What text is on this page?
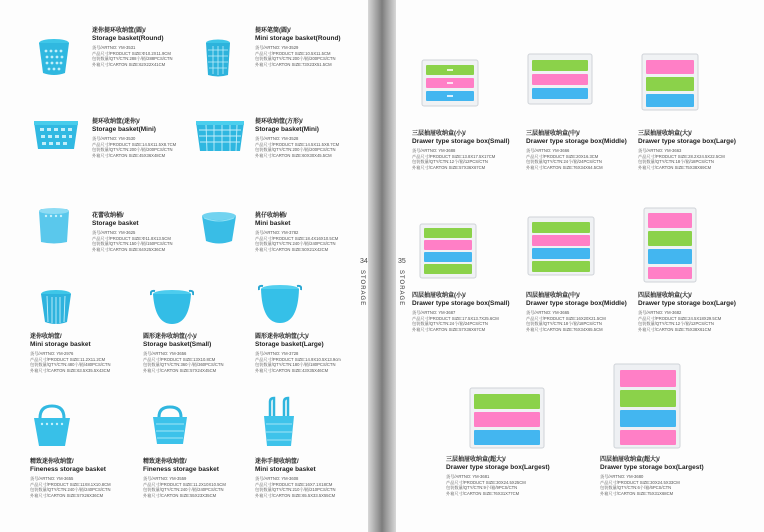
迷你提环收纳筐(圆)/
Storage basket(Round)
货号/ARTNO: YM-3531
产品尺寸/PRODUCT SIZE:Φ10.2X11.9CM
包装数量/QTY/CTN:288个/箱/288PCS/CTN
外箱尺寸/CARTON SIZE:62X22X41CM
提环笔筒(圆)/
Mini storage basket(Round)
货号/ARTNO: YM-3529
产品尺寸/PRODUCT SIZE:10.5X11.5CM
包装数量/QTY/CTN:200个/箱/200PCS/CTN
外箱尺寸/CARTON SIZE:73X23X51.5CM
提环收纳筐(迷你)/
Storage basket(Mini)
货号/ARTNO: YM-3530
产品尺寸/PRODUCT SIZE:14.5X11.5X8.7CM
包装数量/QTY/CTN:200个/箱/200PCS/CTN
外箱尺寸/CARTON SIZE:45X36X48CM
提环收纳筐(方形)/
Storage basket(Mini)
货号/ARTNO: YM-3528
产品尺寸/PRODUCT SIZE:14.5X11.5X8.7CM
包装数量/QTY/CTN:200个/箱/200PCS/CTN
外箱尺寸/CARTON SIZE:60X30X45.5CM
花蕾收纳桶/
Storage basket
货号/ARTNO: YM-3625
产品尺寸/PRODUCT SIZE:Φ11.8X13.5CM
包装数量/QTY/CTN:150个/箱/150PCS/CTN
外箱尺寸/CARTON SIZE:64X25X36CM
挑仔收纳桶/
Mini basket
货号/ARTNO: YM-3782
产品尺寸/PRODUCT SIZE:18.4X16X10.5CM
包装数量/QTY/CTN:240个/箱/240PCS/CTN
外箱尺寸/CARTON SIZE:50X21X42CM
迷你收纳筐/
Mini storage basket
货号/ARTNO: YM-2976
产品尺寸/PRODUCT SIZE:11.2X11.2CM
包装数量/QTY/CTN:480个/箱/480PCS/CTN
外箱尺寸/CARTON SIZE:63.5X35.5X43CM
圆形迷你收纳筐(小)/
Storage basket(Small)
货号/ARTNO: YM-3656
产品尺寸/PRODUCT SIZE:13X10.8CM
包装数量/QTY/CTN:360个/箱/360PCS/CTN
外箱尺寸/CARTON SIZE:57X24X45CM
圆形迷你收纳筐(大)/
Storage basket(Large)
货号/ARTNO: YM-3728
产品尺寸/PRODUCT SIZE:14.9X10.5X13.9cm
包装数量/QTY/CTN:180个/箱/180PCS/CTN
外箱尺寸/CARTON SIZE:43X35X46CM
精致迷你收纳筐/
Fineness storage basket
货号/ARTNO: YM-3655
产品尺寸/PRODUCT SIZE:11X8.1X10.8CM
包装数量/QTY/CTN:240个/箱/240PCS/CTN
外箱尺寸/CARTON SIZE:57X26X36CM
精致迷你收纳筐/
Fineness storage basket
货号/ARTNO: YM-3559
产品尺寸/PRODUCT SIZE:11.2X10X10.5CM
包装数量/QTY/CTN:240个/箱/240PCS/CTN
外箱尺寸/CARTON SIZE:55X23X35CM
迷你手提收纳筐/
Mini storage basket
货号/ARTNO: YM-3608
产品尺寸/PRODUCT SIZE:16X7.1X18CM
包装数量/QTY/CTN:210个/箱/210PCS/CTN
外箱尺寸/CARTON SIZE:65.5X33.5X55CM
34
STORAGE
35
STORAGE
三层抽屉收纳盒(小)/
Drawer type storage box(Small)
货号/ARTNO: YM-3688
产品尺寸/PRODUCT SIZE:13.8X17.5X17CM
包装数量/QTY/CTN:12个/箱/12PCS/CTN
外箱尺寸/CARTON SIZE:57X36X67CM
三层抽屉收纳盒(中)/
Drawer type storage box(Middle)
货号/ARTNO: YM-3666
产品尺寸/PRODUCT SIZE:20X16.3CM
包装数量/QTY/CTN:24个/箱/24PCS/CTN
外箱尺寸/CARTON SIZE:76X34X64.5CM
三层抽屉收纳盒(大)/
Drawer type storage box(Large)
货号/ARTNO: YM-3663
产品尺寸/PRODUCT SIZE:28.2X24.5X22.5CM
包装数量/QTY/CTN:18个/箱/18PCS/CTN
外箱尺寸/CARTON SIZE:75X38X69CM
四层抽屉收纳盒(小)/
Drawer type storage box(Small)
货号/ARTNO: YM-3687
产品尺寸/PRODUCT SIZE:17.5X13.7X25.6CM
包装数量/QTY/CTN:24个/箱/24PCS/CTN
外箱尺寸/CARTON SIZE:57X36X67CM
四层抽屉收纳盒(中)/
Drawer type storage box(Middle)
货号/ARTNO: YM-3665
产品尺寸/PRODUCT SIZE:16X20X21.5CM
包装数量/QTY/CTN:18个/箱/18PCS/CTN
外箱尺寸/CARTON SIZE:76X34X65.5CM
四层抽屉收纳盒(大)/
Drawer type storage box(Large)
货号/ARTNO: YM-3682
产品尺寸/PRODUCT SIZE:24.5X18X29.5CM
包装数量/QTY/CTN:12个/箱/12PCS/CTN
外箱尺寸/CARTON SIZE:75X38X61CM
三层抽屉收纳盒(超大)/
Drawer type storage box(Largest)
货号/ARTNO: YM-3681
产品尺寸/PRODUCT SIZE:30X24.5X25CM
包装数量/QTY/CTN:9个/箱/9PCS/CTN
外箱尺寸/CARTON SIZE:76X31X77CM
四层抽屉收纳盒(超大)/
Drawer type storage box(Largest)
货号/ARTNO: YM-3680
产品尺寸/PRODUCT SIZE:30X24.5X33CM
包装数量/QTY/CTN:6个/箱/6PCS/CTN
外箱尺寸/CARTON SIZE:75X31X68CM
